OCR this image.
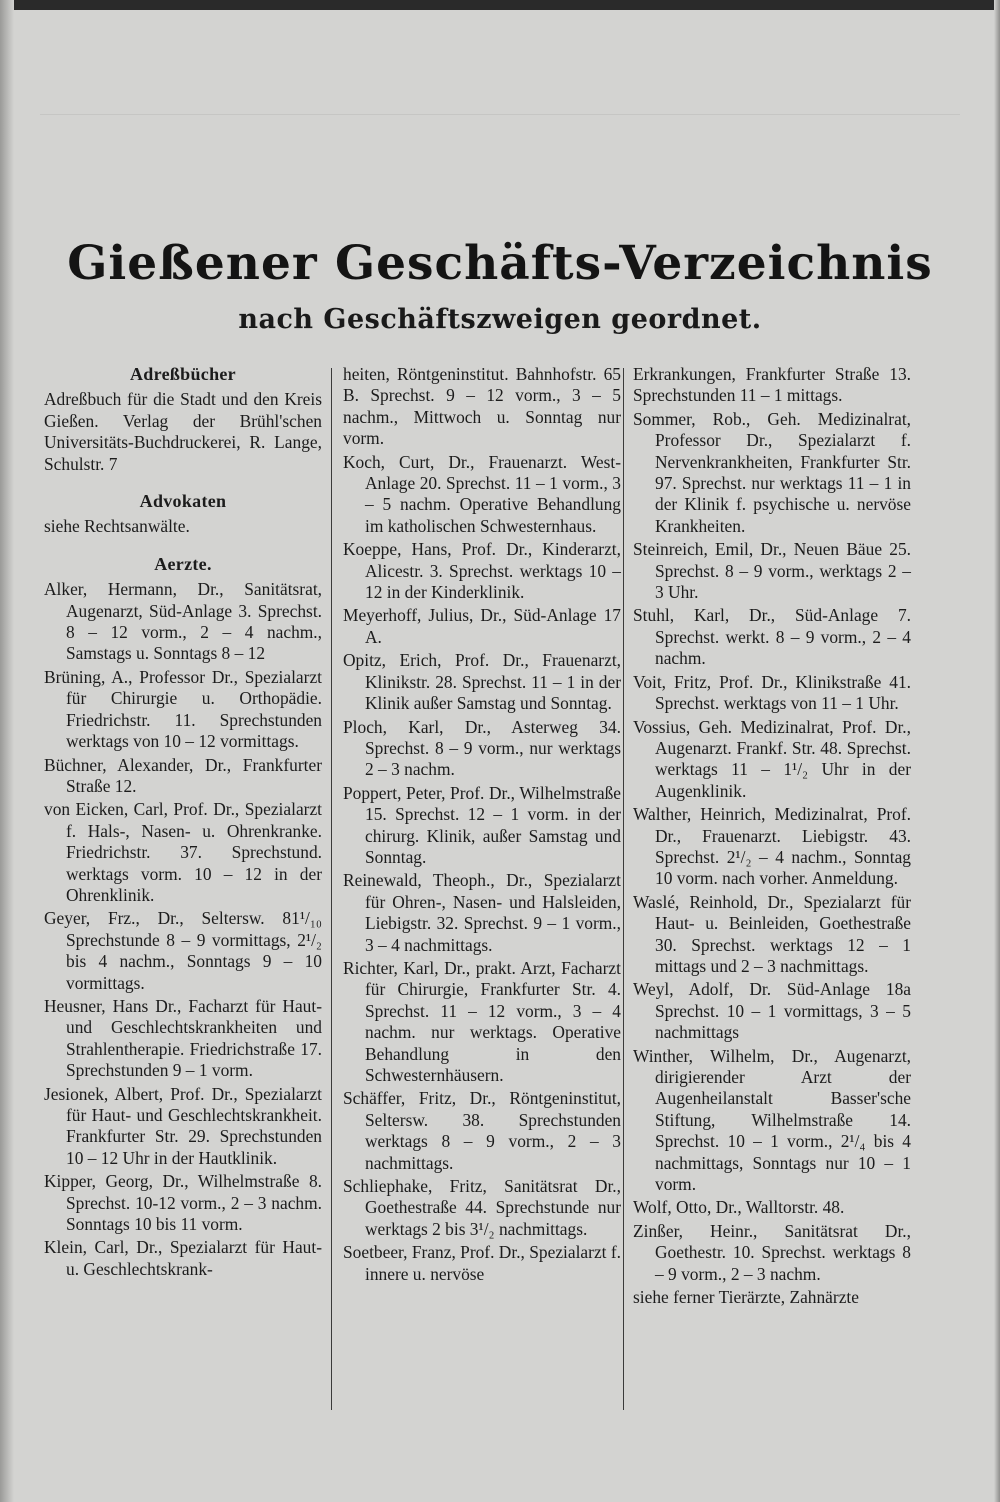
Gießener Geschäfts-Verzeichnis
nach Geschäftszweigen geordnet.
Adreßbücher

Adreßbuch für die Stadt und den Kreis Gießen. Verlag der Brühl'schen Universitäts-Buchdruckerei, R. Lange, Schulstr. 7

Advokaten

siehe Rechtsanwälte.

Aerzte.

Alker, Hermann, Dr., Sanitätsrat, Augenarzt, Süd-Anlage 3. Sprechst. 8 – 12 vorm., 2 – 4 nachm., Samstags u. Sonntags 8 – 12

Brüning, A., Professor Dr., Spezialarzt für Chirurgie u. Orthopädie. Friedrichstr. 11. Sprechstunden werktags von 10 – 12 vormittags.

Büchner, Alexander, Dr., Frankfurter Straße 12.

von Eicken, Carl, Prof. Dr., Spezialarzt f. Hals-, Nasen- u. Ohrenkranke. Friedrichstr. 37. Sprechstund. werktags vorm. 10 – 12 in der Ohrenklinik.

Geyer, Frz., Dr., Seltersw. 81¹/₁₀ Sprechstunde 8 – 9 vormittags, 2¹/₂ bis 4 nachm., Sonntags 9 – 10 vormittags.

Heusner, Hans Dr., Facharzt für Haut- und Geschlechtskrankheiten und Strahlentherapie. Friedrichstraße 17. Sprechstunden 9 – 1 vorm.

Jesionek, Albert, Prof. Dr., Spezialarzt für Haut- und Geschlechtskrankheit. Frankfurter Str. 29. Sprechstunden 10 – 12 Uhr in der Hautklinik.

Kipper, Georg, Dr., Wilhelmstraße 8. Sprechst. 10-12 vorm., 2 – 3 nachm. Sonntags 10 bis 11 vorm.

Klein, Carl, Dr., Spezialarzt für Haut- u. Geschlechtskrank-

heiten, Röntgeninstitut. Bahnhofstr. 65 B. Sprechst. 9 – 12 vorm., 3 – 5 nachm., Mittwoch u. Sonntag nur vorm.

Koch, Curt, Dr., Frauenarzt. West-Anlage 20. Sprechst. 11 – 1 vorm., 3 – 5 nachm. Operative Behandlung im katholischen Schwesternhaus.

Koeppe, Hans, Prof. Dr., Kinderarzt, Alicestr. 3. Sprechst. werktags 10 – 12 in der Kinderklinik.

Meyerhoff, Julius, Dr., Süd-Anlage 17 A.

Opitz, Erich, Prof. Dr., Frauenarzt, Klinikstr. 28. Sprechst. 11 – 1 in der Klinik außer Samstag und Sonntag.

Ploch, Karl, Dr., Asterweg 34. Sprechst. 8 – 9 vorm., nur werktags 2 – 3 nachm.

Poppert, Peter, Prof. Dr., Wilhelmstraße 15. Sprechst. 12 – 1 vorm. in der chirurg. Klinik, außer Samstag und Sonntag.

Reinewald, Theoph., Dr., Spezialarzt für Ohren-, Nasen- und Halsleiden, Liebigstr. 32. Sprechst. 9 – 1 vorm., 3 – 4 nachmittags.

Richter, Karl, Dr., prakt. Arzt, Facharzt für Chirurgie, Frankfurter Str. 4. Sprechst. 11 – 12 vorm., 3 – 4 nachm. nur werktags. Operative Behandlung in den Schwesternhäusern.

Schäffer, Fritz, Dr., Röntgeninstitut, Seltersw. 38. Sprechstunden werktags 8 – 9 vorm., 2 – 3 nachmittags.

Schliephake, Fritz, Sanitätsrat Dr., Goethestraße 44. Sprechstunde nur werktags 2 bis 3¹/₂ nachmittags.

Soetbeer, Franz, Prof. Dr., Spezialarzt f. innere u. nervöse

Erkrankungen, Frankfurter Straße 13. Sprechstunden 11 – 1 mittags.

Sommer, Rob., Geh. Medizinalrat, Professor Dr., Spezialarzt f. Nervenkrankheiten, Frankfurter Str. 97. Sprechst. nur werktags 11 – 1 in der Klinik f. psychische u. nervöse Krankheiten.

Steinreich, Emil, Dr., Neuen Bäue 25. Sprechst. 8 – 9 vorm., werktags 2 – 3 Uhr.

Stuhl, Karl, Dr., Süd-Anlage 7. Sprechst. werkt. 8 – 9 vorm., 2 – 4 nachm.

Voit, Fritz, Prof. Dr., Klinikstraße 41. Sprechst. werktags von 11 – 1 Uhr.

Vossius, Geh. Medizinalrat, Prof. Dr., Augenarzt. Frankf. Str. 48. Sprechst. werktags 11 – 1¹/₂ Uhr in der Augenklinik.

Walther, Heinrich, Medizinalrat, Prof. Dr., Frauenarzt. Liebigstr. 43. Sprechst. 2¹/₂ – 4 nachm., Sonntag 10 vorm. nach vorher. Anmeldung.

Waslé, Reinhold, Dr., Spezialarzt für Haut- u. Beinleiden, Goethestraße 30. Sprechst. werktags 12 – 1 mittags und 2 – 3 nachmittags.

Weyl, Adolf, Dr. Süd-Anlage 18a Sprechst. 10 – 1 vormittags, 3 – 5 nachmittags

Winther, Wilhelm, Dr., Augenarzt, dirigierender Arzt der Augenheilanstalt Basser'sche Stiftung, Wilhelmstraße 14. Sprechst. 10 – 1 vorm., 2¹/₄ bis 4 nachmittags, Sonntags nur 10 – 1 vorm.

Wolf, Otto, Dr., Walltorstr. 48.

Zinßer, Heinr., Sanitätsrat Dr., Goethestr. 10. Sprechst. werktags 8 – 9 vorm., 2 – 3 nachm.

siehe ferner Tierärzte, Zahnärzte
